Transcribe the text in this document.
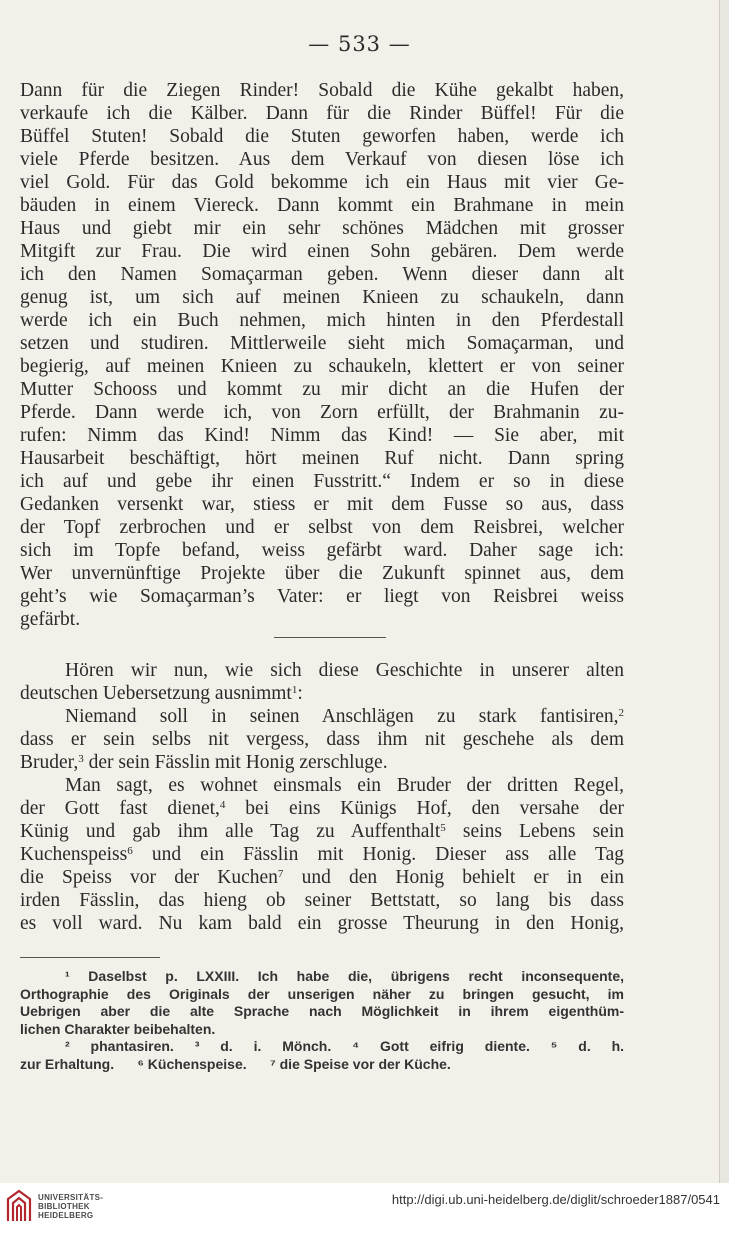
— 533 —
Dann für die Ziegen Rinder! Sobald die Kühe gekalbt haben,
verkaufe ich die Kälber. Dann für die Rinder Büffel! Für die
Büffel Stuten! Sobald die Stuten geworfen haben, werde ich
viele Pferde besitzen. Aus dem Verkauf von diesen löse ich
viel Gold. Für das Gold bekomme ich ein Haus mit vier Ge-
bäuden in einem Viereck. Dann kommt ein Brahmane in mein
Haus und giebt mir ein sehr schönes Mädchen mit grosser
Mitgift zur Frau. Die wird einen Sohn gebären. Dem werde
ich den Namen Somaçarman geben. Wenn dieser dann alt
genug ist, um sich auf meinen Knieen zu schaukeln, dann
werde ich ein Buch nehmen, mich hinten in den Pferdestall
setzen und studiren. Mittlerweile sieht mich Somaçarman, und
begierig, auf meinen Knieen zu schaukeln, klettert er von seiner
Mutter Schooss und kommt zu mir dicht an die Hufen der
Pferde. Dann werde ich, von Zorn erfüllt, der Brahmanin zu-
rufen: Nimm das Kind! Nimm das Kind! — Sie aber, mit
Hausarbeit beschäftigt, hört meinen Ruf nicht. Dann spring
ich auf und gebe ihr einen Fusstritt.“ Indem er so in diese
Gedanken versenkt war, stiess er mit dem Fusse so aus, dass
der Topf zerbrochen und er selbst von dem Reisbrei, welcher
sich im Topfe befand, weiss gefärbt ward. Daher sage ich:
Wer unvernünftige Projekte über die Zukunft spinnet aus, dem
geht’s wie Somaçarman’s Vater: er liegt von Reisbrei weiss
gefärbt.
Hören wir nun, wie sich diese Geschichte in unserer alten
deutschen Uebersetzung ausnimmt$^1$:
Niemand soll in seinen Anschlägen zu stark fantisiren,$^2$
dass er sein selbs nit vergess, dass ihm nit geschehe als dem
Bruder,$^3$ der sein Fässlin mit Honig zerschluge.
Man sagt, es wohnet einsmals ein Bruder der dritten Regel,
der Gott fast dienet,$^4$ bei eins Künigs Hof, den versahe der
Künig und gab ihm alle Tag zu Auffenthalt$^5$ seins Lebens sein
Kuchenspeiss$^6$ und ein Fässlin mit Honig. Dieser ass alle Tag
die Speiss vor der Kuchen$^7$ und den Honig behielt er in ein
irden Fässlin, das hieng ob seiner Bettstatt, so lang bis dass
es voll ward. Nu kam bald ein grosse Theurung in den Honig,
¹ Daselbst p. LXXIII. Ich habe die, übrigens recht inconsequente,
Orthographie des Originals der unserigen näher zu bringen gesucht, im
Uebrigen aber die alte Sprache nach Möglichkeit in ihrem eigenthüm-
lichen Charakter beibehalten.
² phantasiren. ³ d. i. Mönch. ⁴ Gott eifrig diente. ⁵ d. h.
zur Erhaltung. ⁶ Küchenspeise. ⁷ die Speise vor der Küche.
UNIVERSITÄTS-
BIBLIOTHEK
HEIDELBERG
http://digi.ub.uni-heidelberg.de/diglit/schroeder1887/0541
